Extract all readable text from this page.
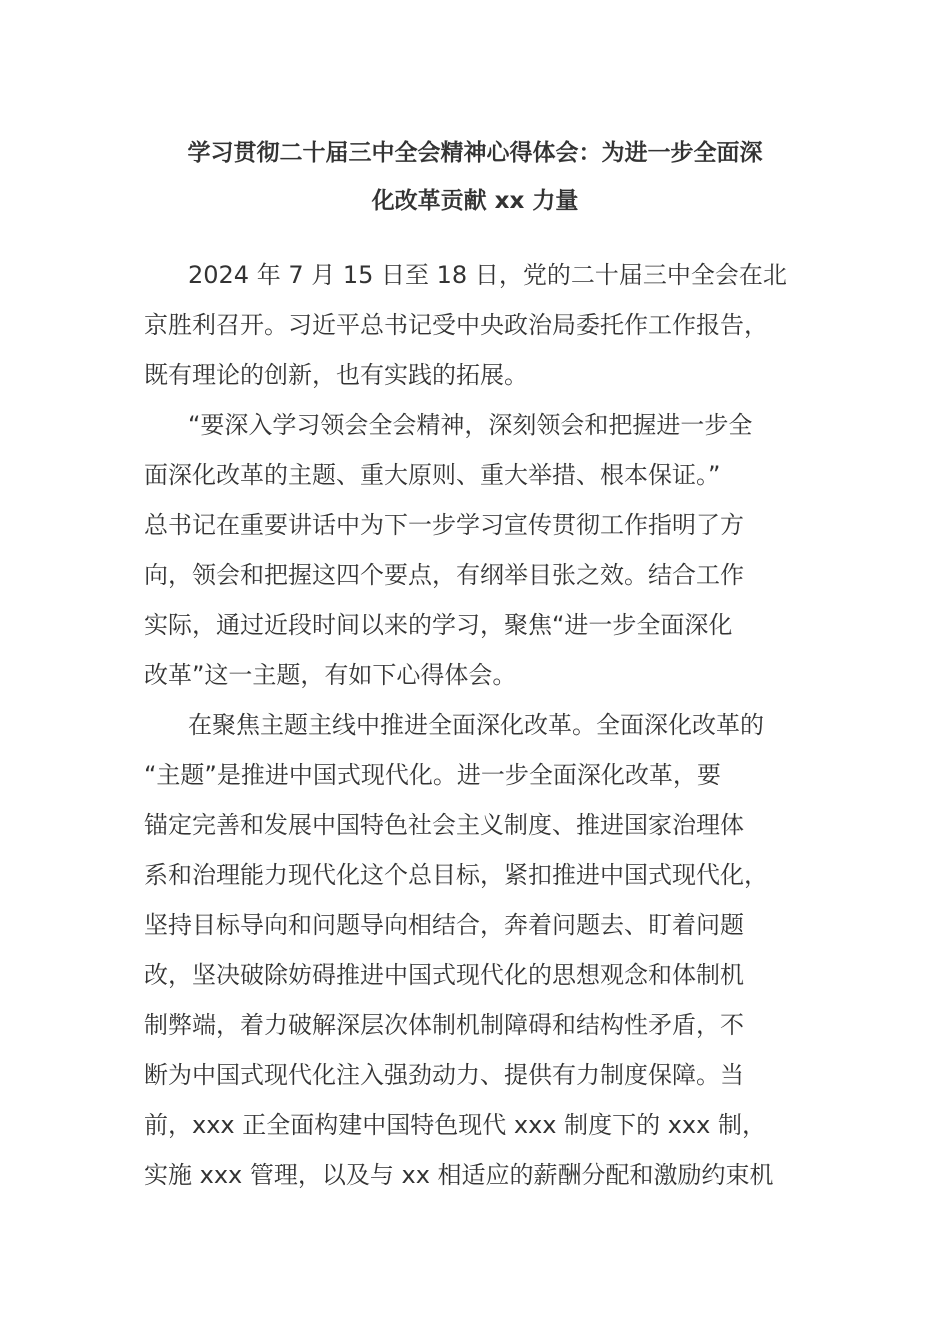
学习贯彻二十届三中全会精神心得体会：为进一步全面深
化改革贡献 xx 力量
2024 年 7 月 15 日至 18 日，党的二十届三中全会在北
京胜利召开。习近平总书记受中央政治局委托作工作报告，
既有理论的创新，也有实践的拓展。
“要深入学习领会全会精神，深刻领会和把握进一步全
面深化改革的主题、重大原则、重大举措、根本保证。”
总书记在重要讲话中为下一步学习宣传贯彻工作指明了方
向，领会和把握这四个要点，有纲举目张之效。结合工作
实际，通过近段时间以来的学习，聚焦“进一步全面深化
改革”这一主题，有如下心得体会。
在聚焦主题主线中推进全面深化改革。全面深化改革的
“主题”是推进中国式现代化。进一步全面深化改革，要
锚定完善和发展中国特色社会主义制度、推进国家治理体
系和治理能力现代化这个总目标，紧扣推进中国式现代化，
坚持目标导向和问题导向相结合，奔着问题去、盯着问题
改，坚决破除妨碍推进中国式现代化的思想观念和体制机
制弊端，着力破解深层次体制机制障碍和结构性矛盾，不
断为中国式现代化注入强劲动力、提供有力制度保障。当
前，xxx 正全面构建中国特色现代 xxx 制度下的 xxx 制，
实施 xxx 管理，以及与 xx 相适应的薪酬分配和激励约束机
